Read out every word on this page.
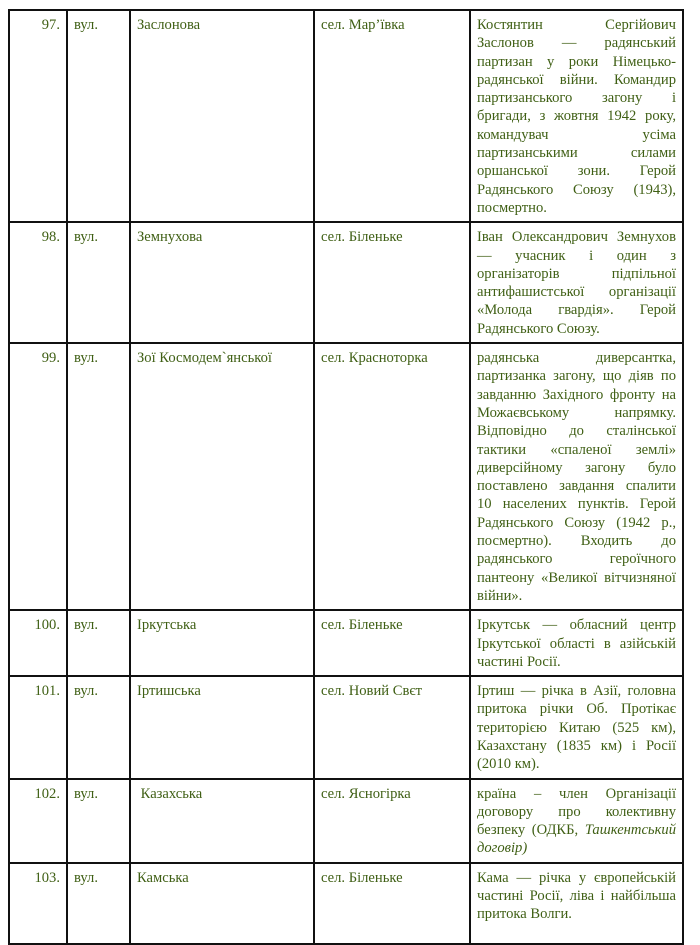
97.	вул.	Заслонова	сел. Мар’ївка	Костянтин Сергійович Заслонов — радянський партизан у роки Німецько-радянської війни. Командир партизанського загону і бригади, з жовтня 1942 року, командувач усіма партизанськими силами оршанської зони. Герой Радянського Союзу (1943), посмертно.
98.	вул.	Земнухова	сел. Біленьке	Іван Олександрович Земнухов — учасник і один з організаторів підпільної антифашистської організації «Молода гвардія». Герой Радянського Союзу.
99.	вул.	Зої Космодем`янської	сел. Красноторка	радянська диверсантка, партизанка загону, що діяв по завданню Західного фронту на Можаєвському напрямку. Відповідно до сталінської тактики «спаленої землі» диверсійному загону було поставлено завдання спалити 10 населених пунктів. Герой Радянського Союзу (1942 р., посмертно). Входить до радянського героїчного пантеону «Великої вітчизняної війни».
100.	вул.	Іркутська	сел. Біленьке	Іркутськ — обласний центр Іркутської області в азійській частині Росії.
101.	вул.	Іртишська	сел. Новий Свєт	Іртиш — річка в Азії, головна притока річки Об. Протікає територією Китаю (525 км), Казахстану (1835 км) і Росії (2010 км).
102.	вул.	Казахська	сел. Ясногірка	країна – член Організації договору про колективну безпеку (ОДКБ, Ташкентський договір)
103.	вул.	Камська	сел. Біленьке	Кама — річка у європейській частині Росії, ліва і найбільша притока Волги.
